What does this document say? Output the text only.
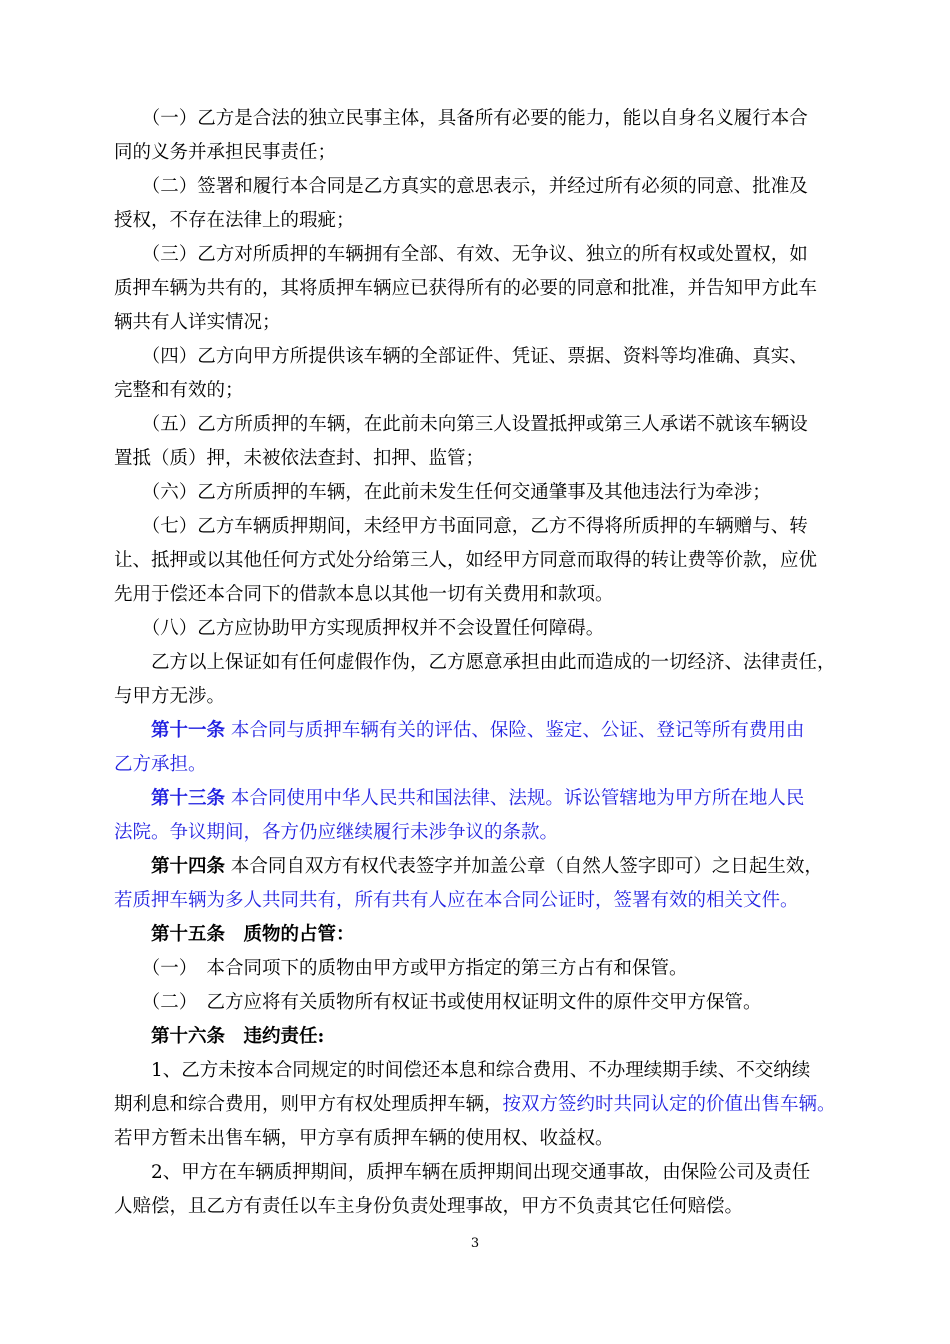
　　（一）乙方是合法的独立民事主体，具备所有必要的能力，能以自身名义履行本合
同的义务并承担民事责任；
　　（二）签署和履行本合同是乙方真实的意思表示，并经过所有必须的同意、批准及
授权，不存在法律上的瑕疵；
　　（三）乙方对所质押的车辆拥有全部、有效、无争议、独立的所有权或处置权，如
质押车辆为共有的，其将质押车辆应已获得所有的必要的同意和批准，并告知甲方此车
辆共有人详实情况；
　　（四）乙方向甲方所提供该车辆的全部证件、凭证、票据、资料等均准确、真实、
完整和有效的；
　　（五）乙方所质押的车辆，在此前未向第三人设置抵押或第三人承诺不就该车辆设
置抵（质）押，未被依法查封、扣押、监管；
　　（六）乙方所质押的车辆，在此前未发生任何交通肇事及其他违法行为牵涉；
　　（七）乙方车辆质押期间，未经甲方书面同意，乙方不得将所质押的车辆赠与、转
让、抵押或以其他任何方式处分给第三人，如经甲方同意而取得的转让费等价款，应优
先用于偿还本合同下的借款本息以其他一切有关费用和款项。
　　（八）乙方应协助甲方实现质押权并不会设置任何障碍。
　　乙方以上保证如有任何虚假作伪，乙方愿意承担由此而造成的一切经济、法律责任，
与甲方无涉。
　　第十一条 本合同与质押车辆有关的评估、保险、鉴定、公证、登记等所有费用由
乙方承担。
　　第十三条 本合同使用中华人民共和国法律、法规。诉讼管辖地为甲方所在地人民
法院。争议期间，各方仍应继续履行未涉争议的条款。
　　第十四条 本合同自双方有权代表签字并加盖公章（自然人签字即可）之日起生效，
若质押车辆为多人共同共有，所有共有人应在本合同公证时，签署有效的相关文件。
　　第十五条　质物的占管：
　　（一）　本合同项下的质物由甲方或甲方指定的第三方占有和保管。
　　（二）　乙方应将有关质物所有权证书或使用权证明文件的原件交甲方保管。
　　第十六条　违约责任:
　　1、乙方未按本合同规定的时间偿还本息和综合费用、不办理续期手续、不交纳续
期利息和综合费用，则甲方有权处理质押车辆，按双方签约时共同认定的价值出售车辆。
若甲方暂未出售车辆，甲方享有质押车辆的使用权、收益权。
　　2、甲方在车辆质押期间，质押车辆在质押期间出现交通事故，由保险公司及责任
人赔偿，且乙方有责任以车主身份负责处理事故，甲方不负责其它任何赔偿。
3
